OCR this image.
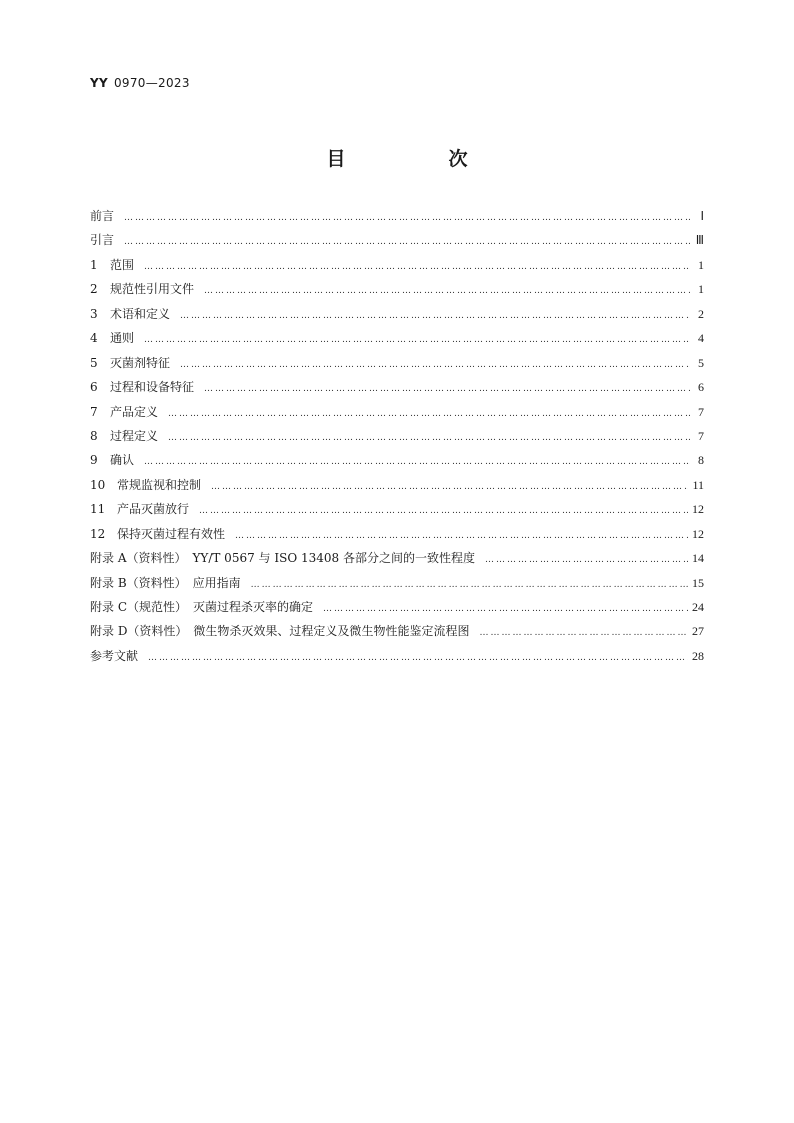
YY 0970—2023
目　次
前言 ……………………………………………………………………………………………………………………………………………………………………………………………………………………………………………	Ⅰ
引言 ……………………………………………………………………………………………………………………………………………………………………………………………………………………………………………	Ⅲ
1	范围 ……………………………………………………………………………………………………………………………………………………………………………………………………………………………………………	1
2	规范性引用文件 ……………………………………………………………………………………………………………………………………………………………………………………………………………………………………………	1
3	术语和定义 ……………………………………………………………………………………………………………………………………………………………………………………………………………………………………………	2
4	通则 ……………………………………………………………………………………………………………………………………………………………………………………………………………………………………………	4
5	灭菌剂特征 ……………………………………………………………………………………………………………………………………………………………………………………………………………………………………………	5
6	过程和设备特征 ……………………………………………………………………………………………………………………………………………………………………………………………………………………………………………	6
7	产品定义 ……………………………………………………………………………………………………………………………………………………………………………………………………………………………………………	7
8	过程定义 ……………………………………………………………………………………………………………………………………………………………………………………………………………………………………………	7
9	确认 ……………………………………………………………………………………………………………………………………………………………………………………………………………………………………………	8
10 常规监视和控制 ……………………………………………………………………………………………………………………………………………………………………………………………………………………………………………	11
11 产品灭菌放行 ……………………………………………………………………………………………………………………………………………………………………………………………………………………………………………	12
12 保持灭菌过程有效性 ……………………………………………………………………………………………………………………………………………………………………………………………………………………………………………	12
附录 A（资料性）　YY/T 0567 与 ISO 13408 各部分之间的一致性程度 ……………………………………………………………………………………………………………………………………………………………………………………………………………………………………………	14
附录 B（资料性）　应用指南 ……………………………………………………………………………………………………………………………………………………………………………………………………………………………………………	15
附录 C（规范性）　灭菌过程杀灭率的确定 ……………………………………………………………………………………………………………………………………………………………………………………………………………………………………………	24
附录 D（资料性）　微生物杀灭效果、过程定义及微生物性能鉴定流程图 ……………………………………………………………………………………………………………………………………………………………………………………………………………………………………………	27
参考文献 ……………………………………………………………………………………………………………………………………………………………………………………………………………………………………………	28
